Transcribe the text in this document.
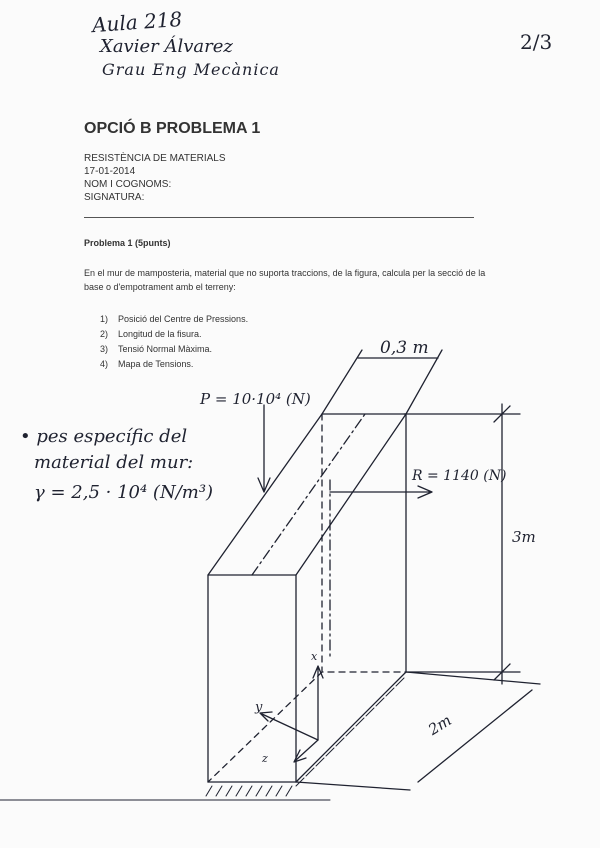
Aula 218
Xavier Álvarez
Grau Eng Mecànica
2/3
OPCIÓ B PROBLEMA 1
RESISTÈNCIA DE MATERIALS
17-01-2014
NOM I COGNOMS:
SIGNATURA:
Problema 1 (5punts)
En el mur de mamposteria, material que no suporta traccions, de la figura, calcula per la secció de la base o d'empotrament amb el terreny:
1) Posició del Centre de Pressions.
2) Longitud de la fisura.
3) Tensió Normal Màxima.
4) Mapa de Tensions.
• pes específic del
material del mur:
γ = 2,5 · 10⁴ (N/m³)
0,3 m
P = 10·10⁴ (N)
R = 1140 (N)
3m
2m
x
y
z
